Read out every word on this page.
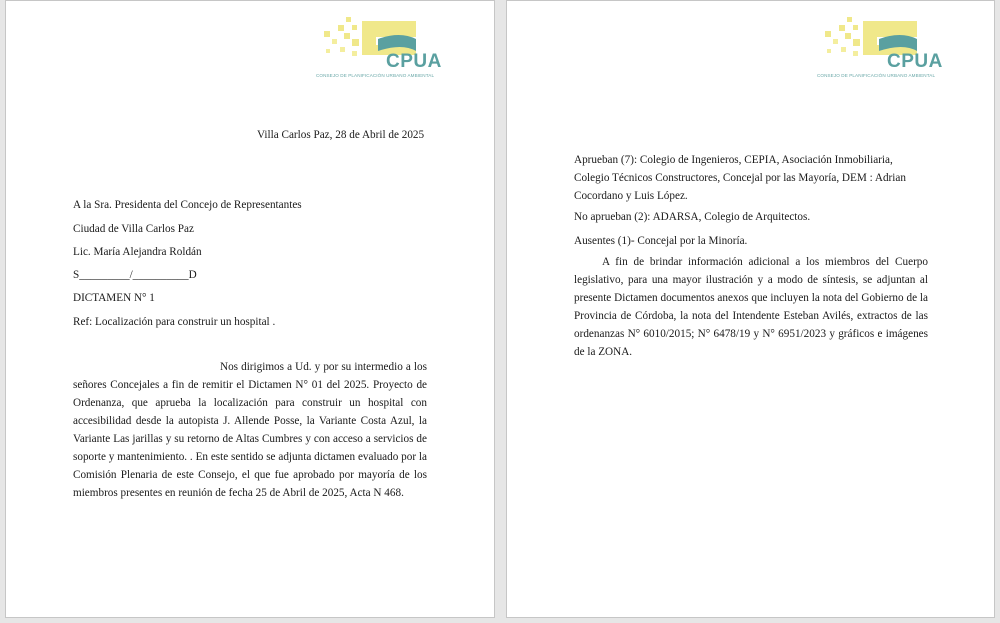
CPUA
CONSEJO DE PLANIFICACIÓN URBANO AMBIENTAL
Villa Carlos Paz, 28 de Abril de 2025
A la Sra. Presidenta del Concejo de Representantes
Ciudad de Villa Carlos Paz
Lic. María Alejandra Roldán
S_________/__________D
DICTAMEN N° 1
Ref: Localización para construir un hospital .
Nos dirigimos a Ud. y por su intermedio a los señores Concejales a fin de remitir el Dictamen N° 01 del 2025. Proyecto de Ordenanza, que aprueba la localización para construir un hospital con accesibilidad desde la autopista J. Allende Posse, la Variante Costa Azul, la Variante Las jarillas y su retorno de Altas Cumbres y con acceso a servicios de soporte y mantenimiento. . En este sentido se adjunta dictamen evaluado por la Comisión Plenaria de este Consejo, el que fue aprobado por mayoría de los miembros presentes en reunión de fecha 25 de Abril de 2025, Acta N 468.
CPUA
CONSEJO DE PLANIFICACIÓN URBANO AMBIENTAL
Aprueban (7): Colegio de Ingenieros, CEPIA, Asociación Inmobiliaria, Colegio Técnicos Constructores, Concejal por las Mayoría, DEM : Adrian Cocordano y Luis López.
No aprueban (2): ADARSA, Colegio de Arquitectos.
Ausentes (1)- Concejal por la Minoría.
A fin de brindar información adicional a los miembros del Cuerpo legislativo, para una mayor ilustración y a modo de síntesis, se adjuntan al presente Dictamen documentos anexos que incluyen la nota del Gobierno de la Provincia de Córdoba, la nota del Intendente Esteban Avilés, extractos de las ordenanzas N° 6010/2015; N° 6478/19 y N° 6951/2023 y gráficos e imágenes de la ZONA.
